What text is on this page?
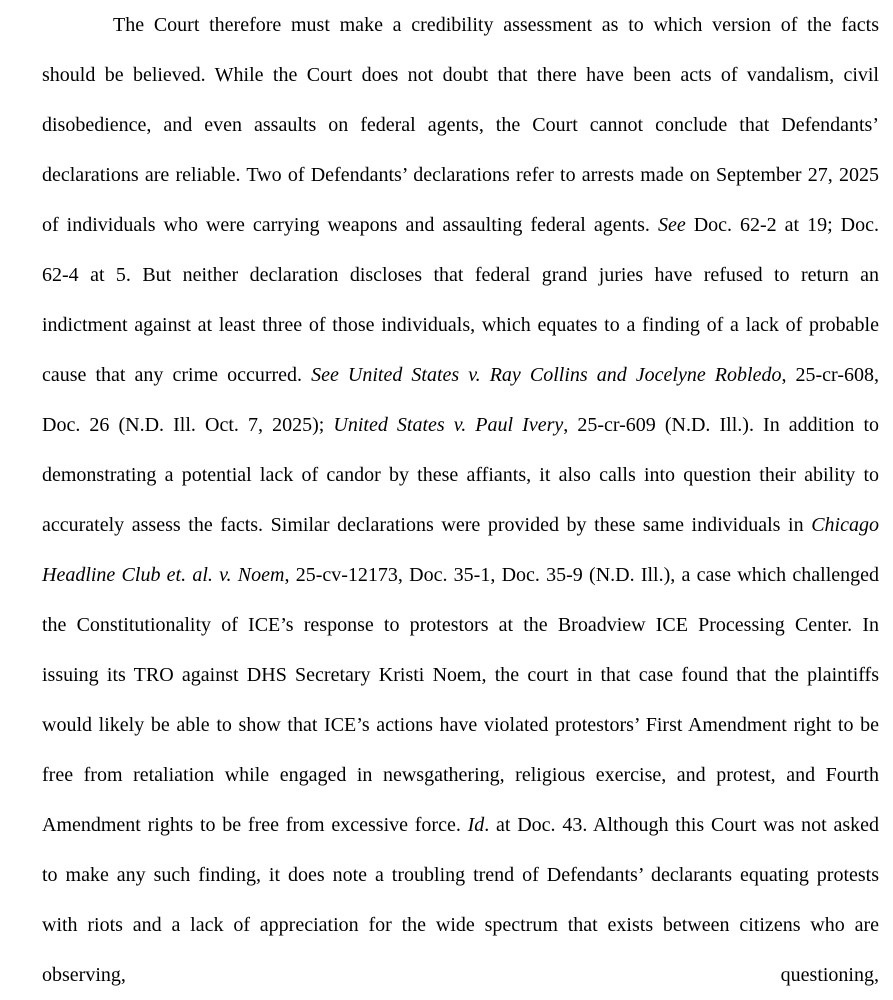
The Court therefore must make a credibility assessment as to which version of the facts should be believed. While the Court does not doubt that there have been acts of vandalism, civil disobedience, and even assaults on federal agents, the Court cannot conclude that Defendants’ declarations are reliable. Two of Defendants’ declarations refer to arrests made on September 27, 2025 of individuals who were carrying weapons and assaulting federal agents. See Doc. 62-2 at 19; Doc. 62-4 at 5. But neither declaration discloses that federal grand juries have refused to return an indictment against at least three of those individuals, which equates to a finding of a lack of probable cause that any crime occurred. See United States v. Ray Collins and Jocelyne Robledo, 25-cr-608, Doc. 26 (N.D. Ill. Oct. 7, 2025); United States v. Paul Ivery, 25-cr-609 (N.D. Ill.). In addition to demonstrating a potential lack of candor by these affiants, it also calls into question their ability to accurately assess the facts. Similar declarations were provided by these same individuals in Chicago Headline Club et. al. v. Noem, 25-cv-12173, Doc. 35-1, Doc. 35-9 (N.D. Ill.), a case which challenged the Constitutionality of ICE’s response to protestors at the Broadview ICE Processing Center. In issuing its TRO against DHS Secretary Kristi Noem, the court in that case found that the plaintiffs would likely be able to show that ICE’s actions have violated protestors’ First Amendment right to be free from retaliation while engaged in newsgathering, religious exercise, and protest, and Fourth Amendment rights to be free from excessive force. Id. at Doc. 43. Although this Court was not asked to make any such finding, it does note a troubling trend of Defendants’ declarants equating protests with riots and a lack of appreciation for the wide spectrum that exists between citizens who are observing, questioning,
